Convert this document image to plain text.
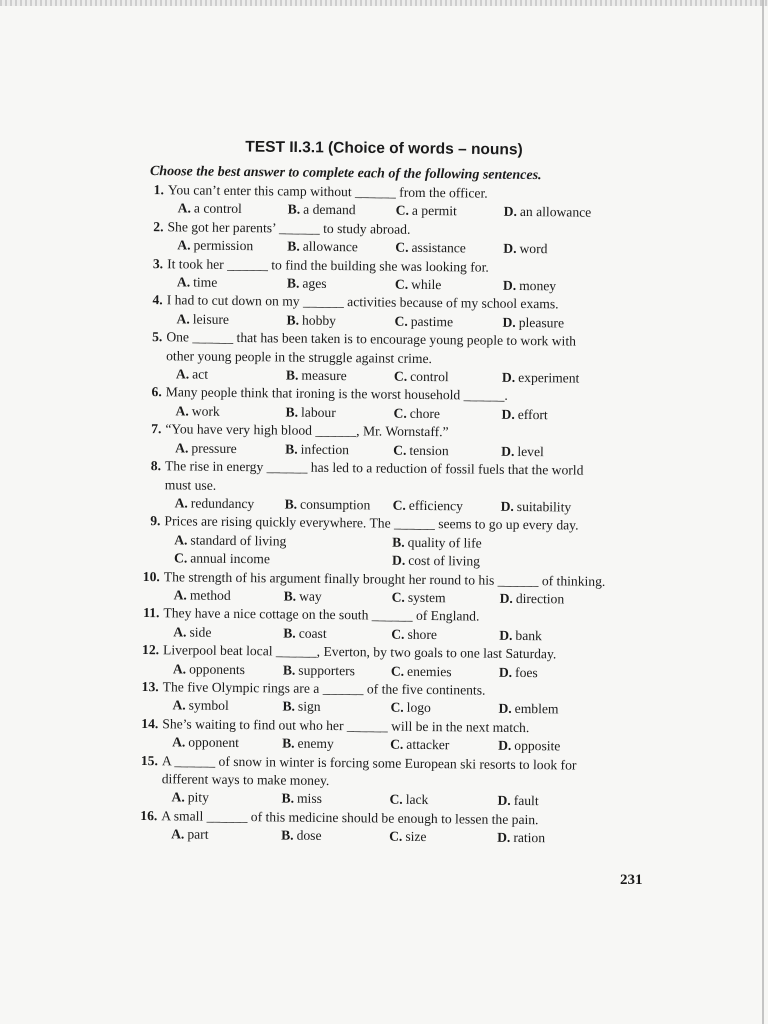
TEST II.3.1 (Choice of words – nouns)
Choose the best answer to complete each of the following sentences.
1. You can’t enter this camp without ______ from the officer.
A. a control	B. a demand	C. a permit	D. an allowance
2. She got her parents’ ______ to study abroad.
A. permission	B. allowance	C. assistance	D. word
3. It took her ______ to find the building she was looking for.
A. time	B. ages	C. while	D. money
4. I had to cut down on my ______ activities because of my school exams.
A. leisure	B. hobby	C. pastime	D. pleasure
5. One ______ that has been taken is to encourage young people to work with
other young people in the struggle against crime.
A. act	B. measure	C. control	D. experiment
6. Many people think that ironing is the worst household ______.
A. work	B. labour	C. chore	D. effort
7. “You have very high blood ______, Mr. Wornstaff.”
A. pressure	B. infection	C. tension	D. level
8. The rise in energy ______ has led to a reduction of fossil fuels that the world
must use.
A. redundancy	B. consumption	C. efficiency	D. suitability
9. Prices are rising quickly everywhere. The ______ seems to go up every day.
A. standard of living	B. quality of life
C. annual income	D. cost of living
10. The strength of his argument finally brought her round to his ______ of thinking.
A. method	B. way	C. system	D. direction
11. They have a nice cottage on the south ______ of England.
A. side	B. coast	C. shore	D. bank
12. Liverpool beat local ______, Everton, by two goals to one last Saturday.
A. opponents	B. supporters	C. enemies	D. foes
13. The five Olympic rings are a ______ of the five continents.
A. symbol	B. sign	C. logo	D. emblem
14. She’s waiting to find out who her ______ will be in the next match.
A. opponent	B. enemy	C. attacker	D. opposite
15. A ______ of snow in winter is forcing some European ski resorts to look for
different ways to make money.
A. pity	B. miss	C. lack	D. fault
16. A small ______ of this medicine should be enough to lessen the pain.
A. part	B. dose	C. size	D. ration
231
